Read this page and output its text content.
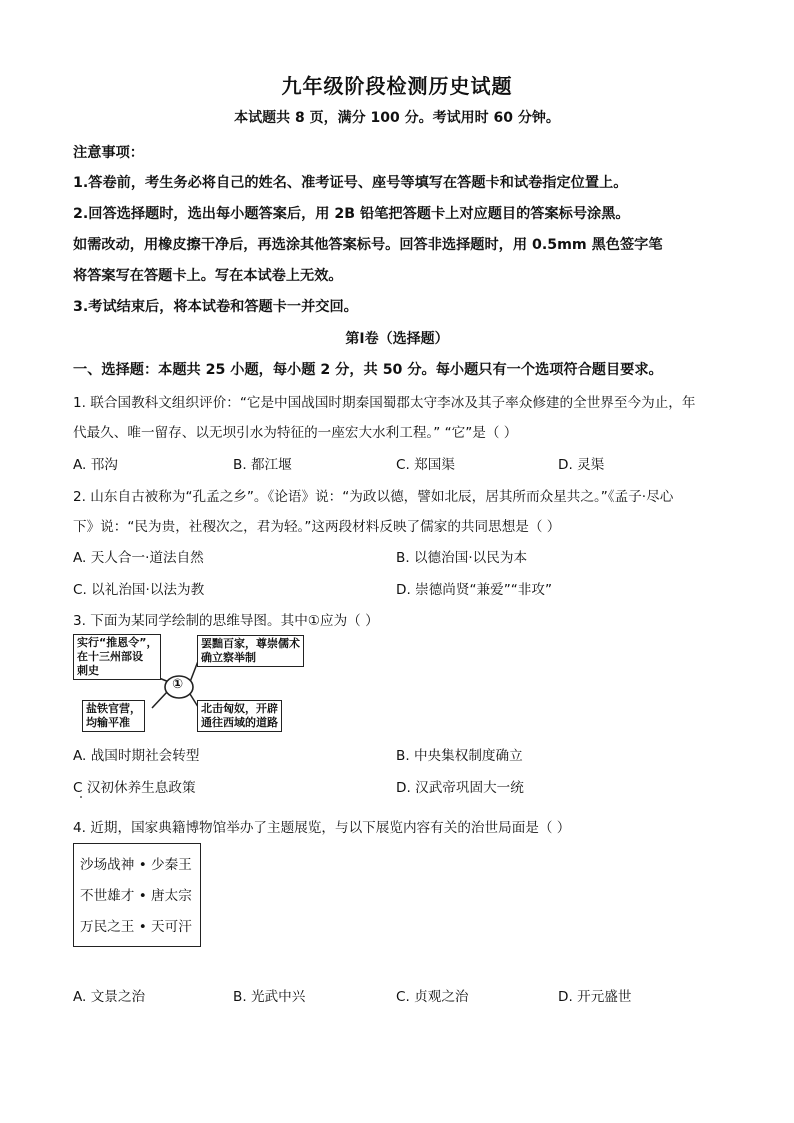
九年级阶段检测历史试题
本试题共 8 页，满分 100 分。考试用时 60 分钟。
注意事项：
1.答卷前，考生务必将自己的姓名、准考证号、座号等填写在答题卡和试卷指定位置上。
2.回答选择题时，选出每小题答案后，用 2B 铅笔把答题卡上对应题目的答案标号涂黑。
如需改动，用橡皮擦干净后，再选涂其他答案标号。回答非选择题时，用 0.5mm 黑色签字笔
将答案写在答题卡上。写在本试卷上无效。
3.考试结束后，将本试卷和答题卡一并交回。
第Ⅰ卷（选择题）
一、选择题：本题共 25 小题，每小题 2 分，共 50 分。每小题只有一个选项符合题目要求。
1. 联合国教科文组织评价：“它是中国战国时期秦国蜀郡太守李冰及其子率众修建的全世界至今为止，年
代最久、唯一留存、以无坝引水为特征的一座宏大水利工程。” “它”是（ ）
A. 邗沟	B. 都江堰	C. 郑国渠	D. 灵渠
2. 山东自古被称为“孔孟之乡”。《论语》说：“为政以德，譬如北辰，居其所而众星共之。”《孟子·尽心
下》说：“民为贵，社稷次之，君为轻。”这两段材料反映了儒家的共同思想是（ ）
A. 天人合一·道法自然	B. 以德治国·以民为本
C. 以礼治国·以法为教	D. 崇德尚贤“兼爱”“非攻”
3. 下面为某同学绘制的思维导图。其中①应为（ ）
①
实行“推恩令”，
在十三州部设
刺史
罢黜百家，尊崇儒术
确立察举制
盐铁官营，
均输平准
北击匈奴，开辟
通往西域的道路
A. 战国时期社会转型	B. 中央集权制度确立
C 汉初休养生息政策	D. 汉武帝巩固大一统
4. 近期，国家典籍博物馆举办了主题展览，与以下展览内容有关的治世局面是（ ）
沙场战神 • 少秦王
不世雄才 • 唐太宗
万民之王 • 天可汗
A. 文景之治	B. 光武中兴	C. 贞观之治	D. 开元盛世
